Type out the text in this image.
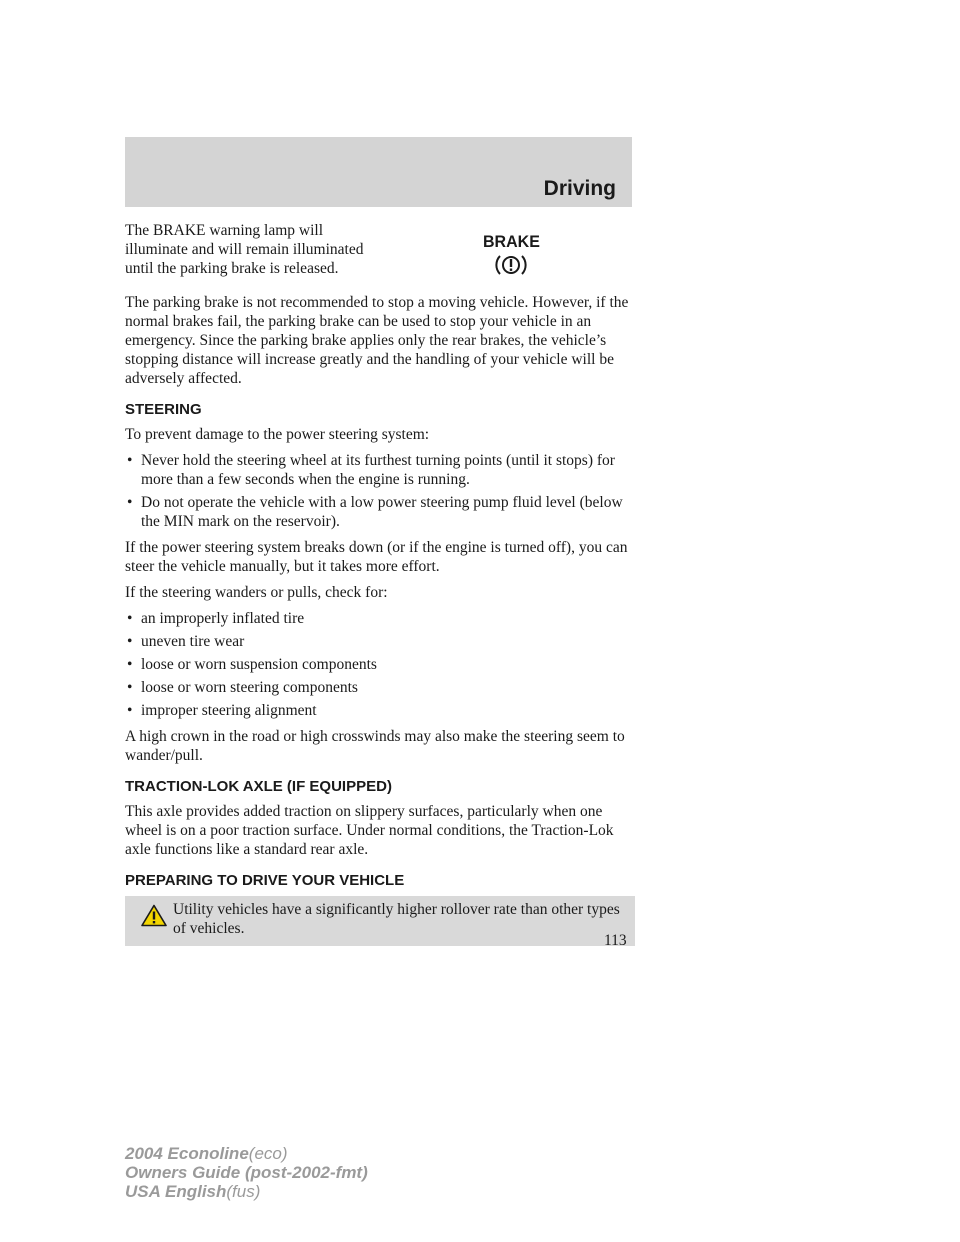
Driving

The BRAKE warning lamp will illuminate and will remain illuminated until the parking brake is released.

BRAKE

The parking brake is not recommended to stop a moving vehicle. However, if the normal brakes fail, the parking brake can be used to stop your vehicle in an emergency. Since the parking brake applies only the rear brakes, the vehicle’s stopping distance will increase greatly and the handling of your vehicle will be adversely affected.

STEERING

To prevent damage to the power steering system:

• Never hold the steering wheel at its furthest turning points (until it stops) for more than a few seconds when the engine is running.
• Do not operate the vehicle with a low power steering pump fluid level (below the MIN mark on the reservoir).

If the power steering system breaks down (or if the engine is turned off), you can steer the vehicle manually, but it takes more effort.

If the steering wanders or pulls, check for:

• an improperly inflated tire
• uneven tire wear
• loose or worn suspension components
• loose or worn steering components
• improper steering alignment

A high crown in the road or high crosswinds may also make the steering seem to wander/pull.

TRACTION-LOK AXLE (IF EQUIPPED)

This axle provides added traction on slippery surfaces, particularly when one wheel is on a poor traction surface. Under normal conditions, the Traction-Lok axle functions like a standard rear axle.

PREPARING TO DRIVE YOUR VEHICLE
Utility vehicles have a significantly higher rollover rate than other types of vehicles.
113
2004 Econoline(eco)
Owners Guide (post-2002-fmt)
USA English(fus)
